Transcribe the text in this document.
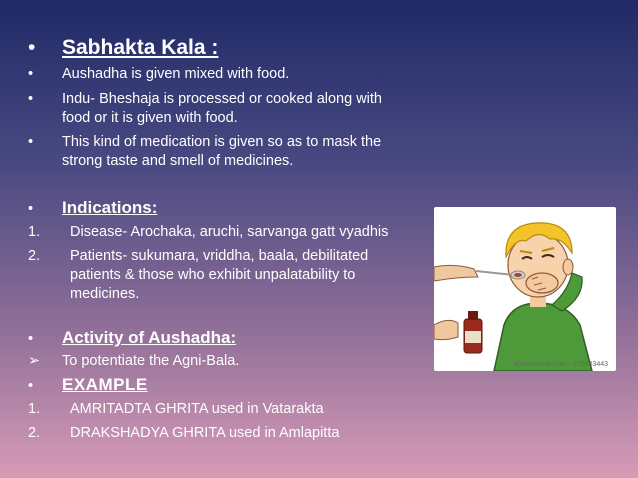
• Sabhakta Kala :
• Aushadha is given mixed with food.
• Indu- Bheshaja is processed or cooked along with
food or it is given with food.
• This kind of medication is given so as to mask the
strong taste and smell of medicines.
• Indications:
1. Disease- Arochaka, aruchi, sarvanga gatt vyadhis
2. Patients- sukumara, vriddha, baala, debilitated
patients & those who exhibit unpalatability to
medicines.
• Activity of Aushadha:
➢ To potentiate the Agni-Bala.
• EXAMPLE
1. AMRITADTA GHRITA used in Vatarakta
2. DRAKSHADYA GHRITA used in Amlapitta
shutterstock.com · 229843443
